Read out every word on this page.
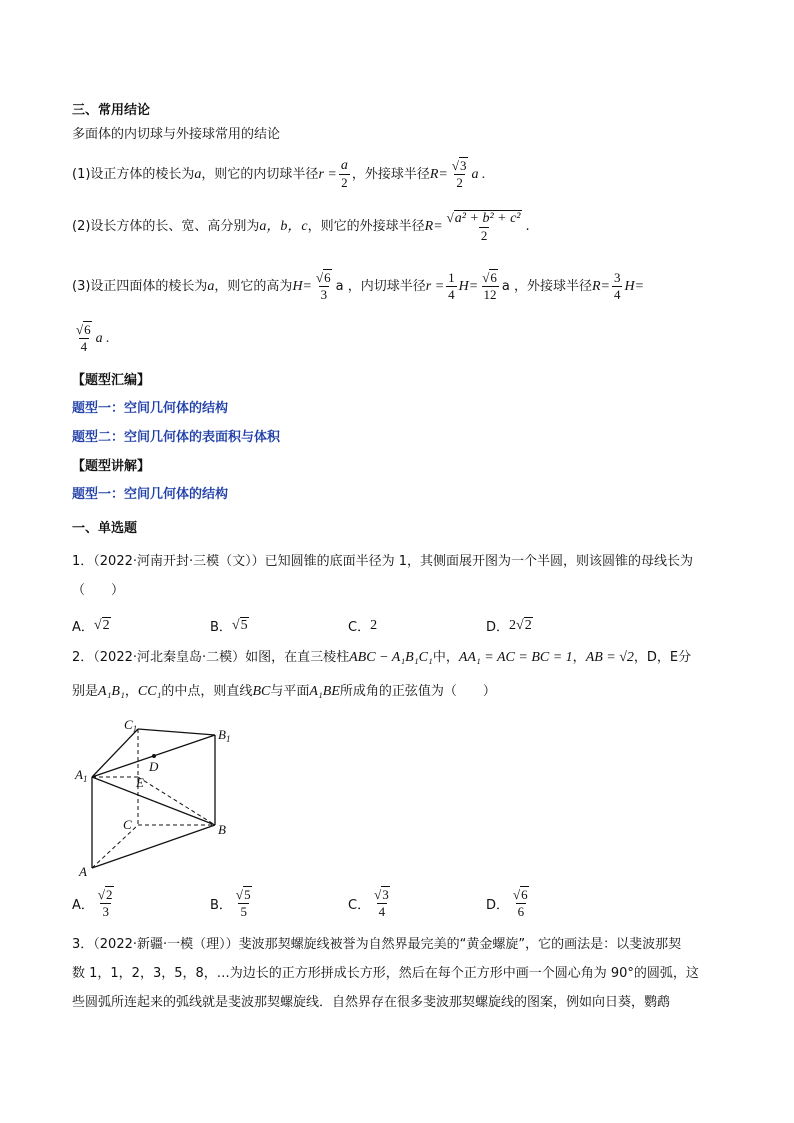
三、常用结论
多面体的内切球与外接球常用的结论
(1)设正方体的棱长为 a ，则它的内切球半径 $r = \frac{a}{2}$ ，外接球半径 $R= \frac{√3}{2}$ a .
(2)设长方体的长、宽、高分别为 a，b，c ，则它的外接球半径 $R= \frac{\text{√a² + b² + c²}}{2}$ .
(3)设正四面体的棱长为 a ，则它的高为 $H= \frac{√6}{3}$ a ，内切球半径 $r = \frac{1}{4} H= \frac{√6}{12}$ a ，外接球半径 $R= \frac{3}{4} H=$
$\frac{√6}{4}$ a .
【题型汇编】
题型一：空间几何体的结构
题型二：空间几何体的表面积与体积
【题型讲解】
题型一：空间几何体的结构
一、单选题
1．（2022·河南开封·三模（文））已知圆锥的底面半径为 1，其侧面展开图为一个半圆，则该圆锥的母线长为
（　　）
A． √2	B． √5	C． 2	D． 2 √2
2．（2022·河北秦皇岛·二模）如图，在直三棱柱 ABC − A₁B₁C₁ 中， AA₁ = AC = BC = 1 ， AB = √2 ，D，E分
别是 A₁B₁ ， CC₁ 的中点，则直线 BC 与平面 A₁BE 所成角的正弦值为（　　）
$C_1$	$B_1$
$A_1$
D
E
C	B
A
A． $\frac{√2}{3}$	B． $\frac{√5}{5}$	C． $\frac{√3}{4}$	D． $\frac{√6}{6}$
3．（2022·新疆·一模（理））斐波那契螺旋线被誉为自然界最完美的“黄金螺旋”，它的画法是：以斐波那契
数 1，1，2，3，5，8，…为边长的正方形拼成长方形，然后在每个正方形中画一个圆心角为 90°的圆弧，这
些圆弧所连起来的弧线就是斐波那契螺旋线．自然界存在很多斐波那契螺旋线的图案，例如向日葵，鹦鹉
